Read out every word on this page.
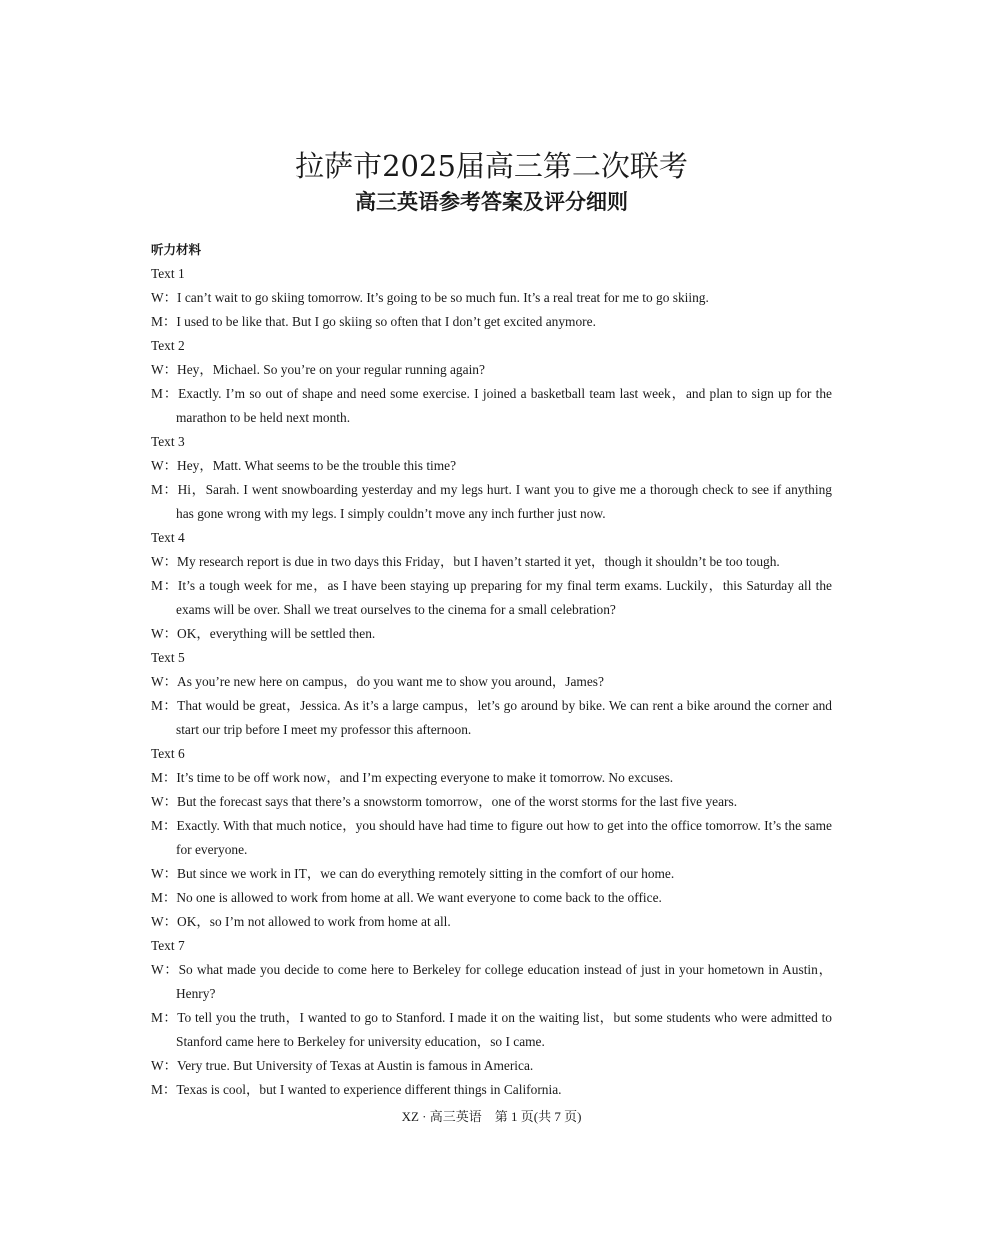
拉萨市2025届高三第二次联考
高三英语参考答案及评分细则
听力材料
Text 1
W：I can’t wait to go skiing tomorrow. It’s going to be so much fun. It’s a real treat for me to go skiing.
M：I used to be like that. But I go skiing so often that I don’t get excited anymore.
Text 2
W：Hey，Michael. So you’re on your regular running again?
M：Exactly. I’m so out of shape and need some exercise. I joined a basketball team last week，and plan to sign up for the marathon to be held next month.
Text 3
W：Hey，Matt. What seems to be the trouble this time?
M：Hi，Sarah. I went snowboarding yesterday and my legs hurt. I want you to give me a thorough check to see if anything has gone wrong with my legs. I simply couldn’t move any inch further just now.
Text 4
W：My research report is due in two days this Friday，but I haven’t started it yet，though it shouldn’t be too tough.
M：It’s a tough week for me，as I have been staying up preparing for my final term exams. Luckily，this Saturday all the exams will be over. Shall we treat ourselves to the cinema for a small celebration?
W：OK，everything will be settled then.
Text 5
W：As you’re new here on campus，do you want me to show you around，James?
M：That would be great，Jessica. As it’s a large campus，let’s go around by bike. We can rent a bike around the corner and start our trip before I meet my professor this afternoon.
Text 6
M：It’s time to be off work now，and I’m expecting everyone to make it tomorrow. No excuses.
W：But the forecast says that there’s a snowstorm tomorrow，one of the worst storms for the last five years.
M：Exactly. With that much notice，you should have had time to figure out how to get into the office tomorrow. It’s the same for everyone.
W：But since we work in IT，we can do everything remotely sitting in the comfort of our home.
M：No one is allowed to work from home at all. We want everyone to come back to the office.
W：OK，so I’m not allowed to work from home at all.
Text 7
W：So what made you decide to come here to Berkeley for college education instead of just in your hometown in Austin，Henry?
M：To tell you the truth，I wanted to go to Stanford. I made it on the waiting list，but some students who were admitted to Stanford came here to Berkeley for university education，so I came.
W：Very true. But University of Texas at Austin is famous in America.
M：Texas is cool，but I wanted to experience different things in California.
XZ · 高三英语　第 1 页(共 7 页)
